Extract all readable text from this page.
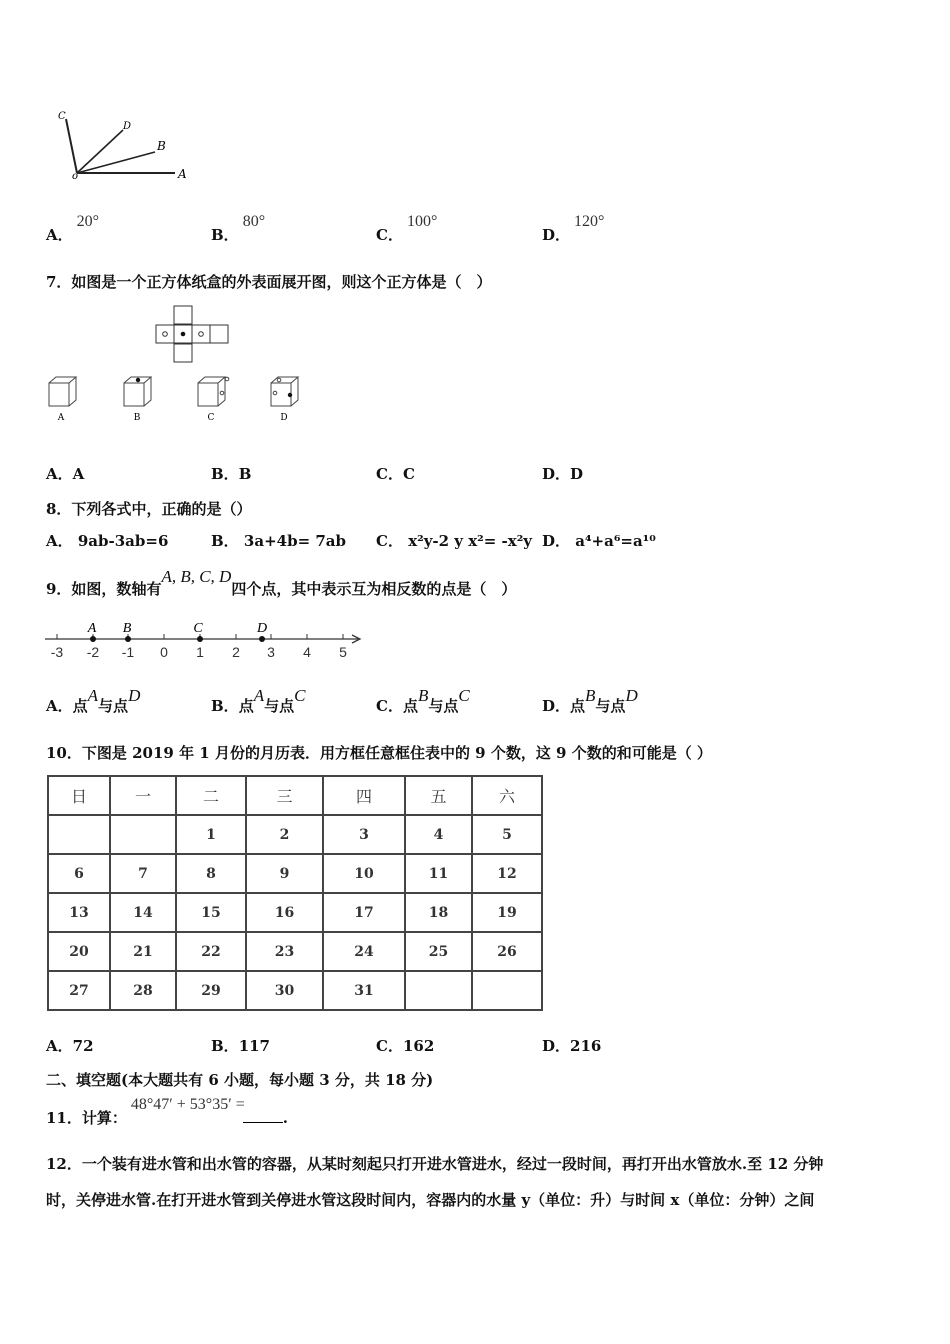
C
D
B
o	A
A．20°
B．80°
C．100°
D．120°
7．如图是一个正方体纸盒的外表面展开图，则这个正方体是（　）
A	B	C	D
A．A	B．B	C．C	D．D
8．下列各式中，正确的是（）
A． 9ab-3ab=6	B． 3a+4b= 7ab C． x²y-2 y x²= -x²y D． a⁴+a⁶=a¹⁰
9．如图，数轴有A, B, C, D四个点，其中表示互为相反数的点是（　）
-3 -2 -1 0 1 2 3 4 5
A B	C	D
A．点A与点D
B．点A与点C
C．点B与点C
D．点B与点D
10．下图是 2019 年 1 月份的月历表．用方框任意框住表中的 9 个数，这 9 个数的和可能是（ ）
日	一	二	三	四	五	六
		1	2	3	4	5
6	7	8	9	10	11	12
13	14	15	16	17	18	19
20	21	22	23	24	25	26
27	28	29	30	31		
A．72	B．117	C．162	D．216
二、填空题(本大题共有 6 小题，每小题 3 分，共 18 分)
11．计算：48°47′ + 53°35′ =.
12．一个装有进水管和出水管的容器，从某时刻起只打开进水管进水，经过一段时间，再打开出水管放水.至 12 分钟
时，关停进水管.在打开进水管到关停进水管这段时间内，容器内的水量 y（单位：升）与时间 x（单位：分钟）之间
